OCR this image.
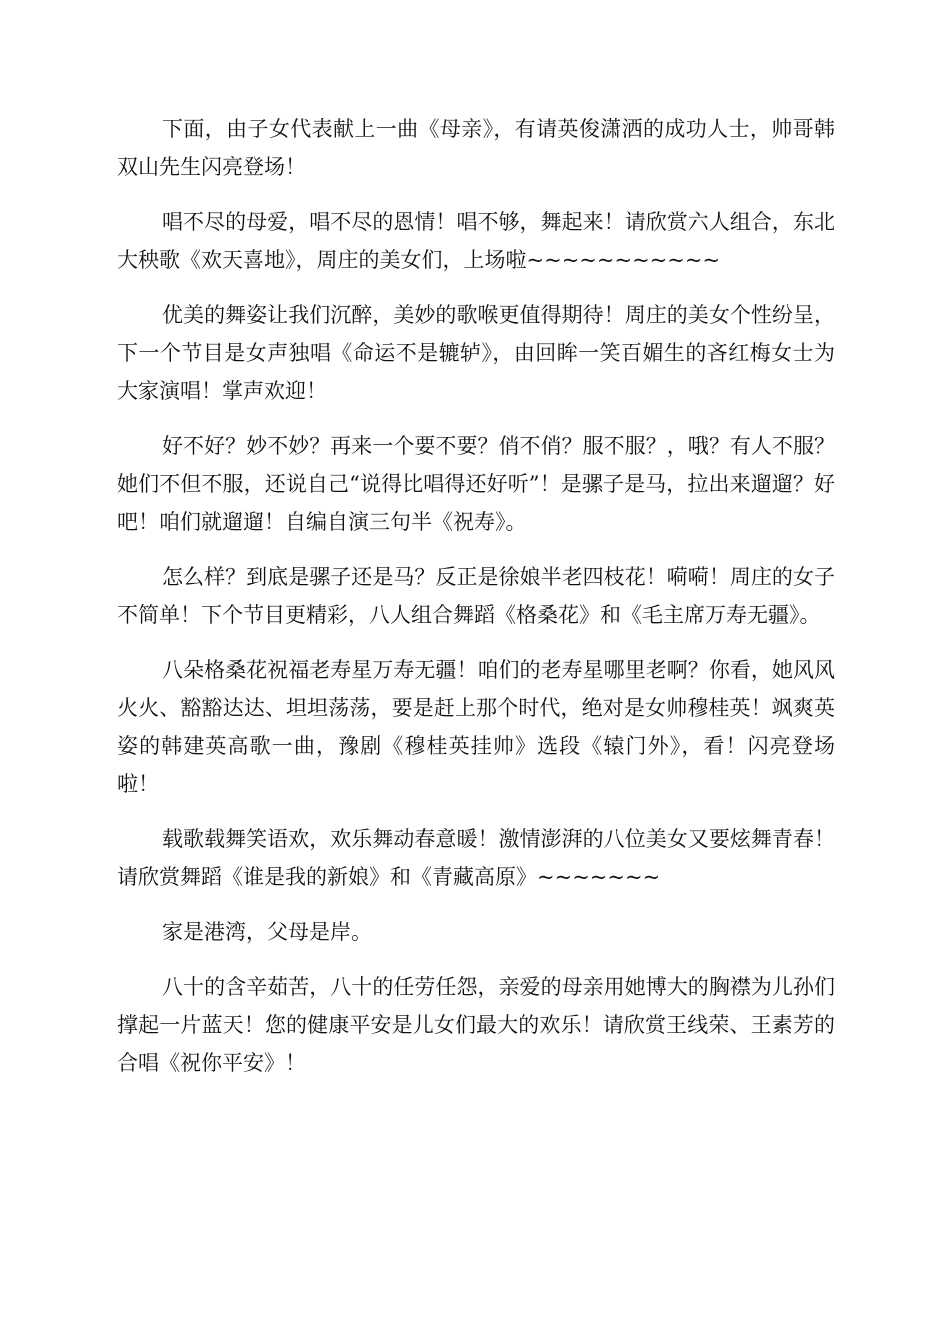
下面，由子女代表献上一曲《母亲》，有请英俊潇洒的成功人士，帅哥韩双山先生闪亮登场！

唱不尽的母爱，唱不尽的恩情！唱不够，舞起来！请欣赏六人组合，东北大秧歌《欢天喜地》，周庄的美女们，上场啦~~~~~~~~~~~

优美的舞姿让我们沉醉，美妙的歌喉更值得期待！周庄的美女个性纷呈，下一个节目是女声独唱《命运不是辘轳》，由回眸一笑百媚生的吝红梅女士为大家演唱！掌声欢迎！

好不好？妙不妙？再来一个要不要？俏不俏？服不服？，哦？有人不服？她们不但不服，还说自己“说得比唱得还好听”！是骡子是马，拉出来遛遛？好吧！咱们就遛遛！自编自演三句半《祝寿》。

怎么样？到底是骡子还是马？反正是徐娘半老四枝花！嗬嗬！周庄的女子不简单！下个节目更精彩，八人组合舞蹈《格桑花》和《毛主席万寿无疆》。

八朵格桑花祝福老寿星万寿无疆！咱们的老寿星哪里老啊？你看，她风风火火、豁豁达达、坦坦荡荡，要是赶上那个时代，绝对是女帅穆桂英！飒爽英姿的韩建英高歌一曲，豫剧《穆桂英挂帅》选段《辕门外》，看！闪亮登场啦！

载歌载舞笑语欢，欢乐舞动春意暖！激情澎湃的八位美女又要炫舞青春！请欣赏舞蹈《谁是我的新娘》和《青藏高原》~~~~~~~

家是港湾，父母是岸。

八十的含辛茹苦，八十的任劳任怨，亲爱的母亲用她博大的胸襟为儿孙们撑起一片蓝天！您的健康平安是儿女们最大的欢乐！请欣赏王线荣、王素芳的合唱《祝你平安》！
